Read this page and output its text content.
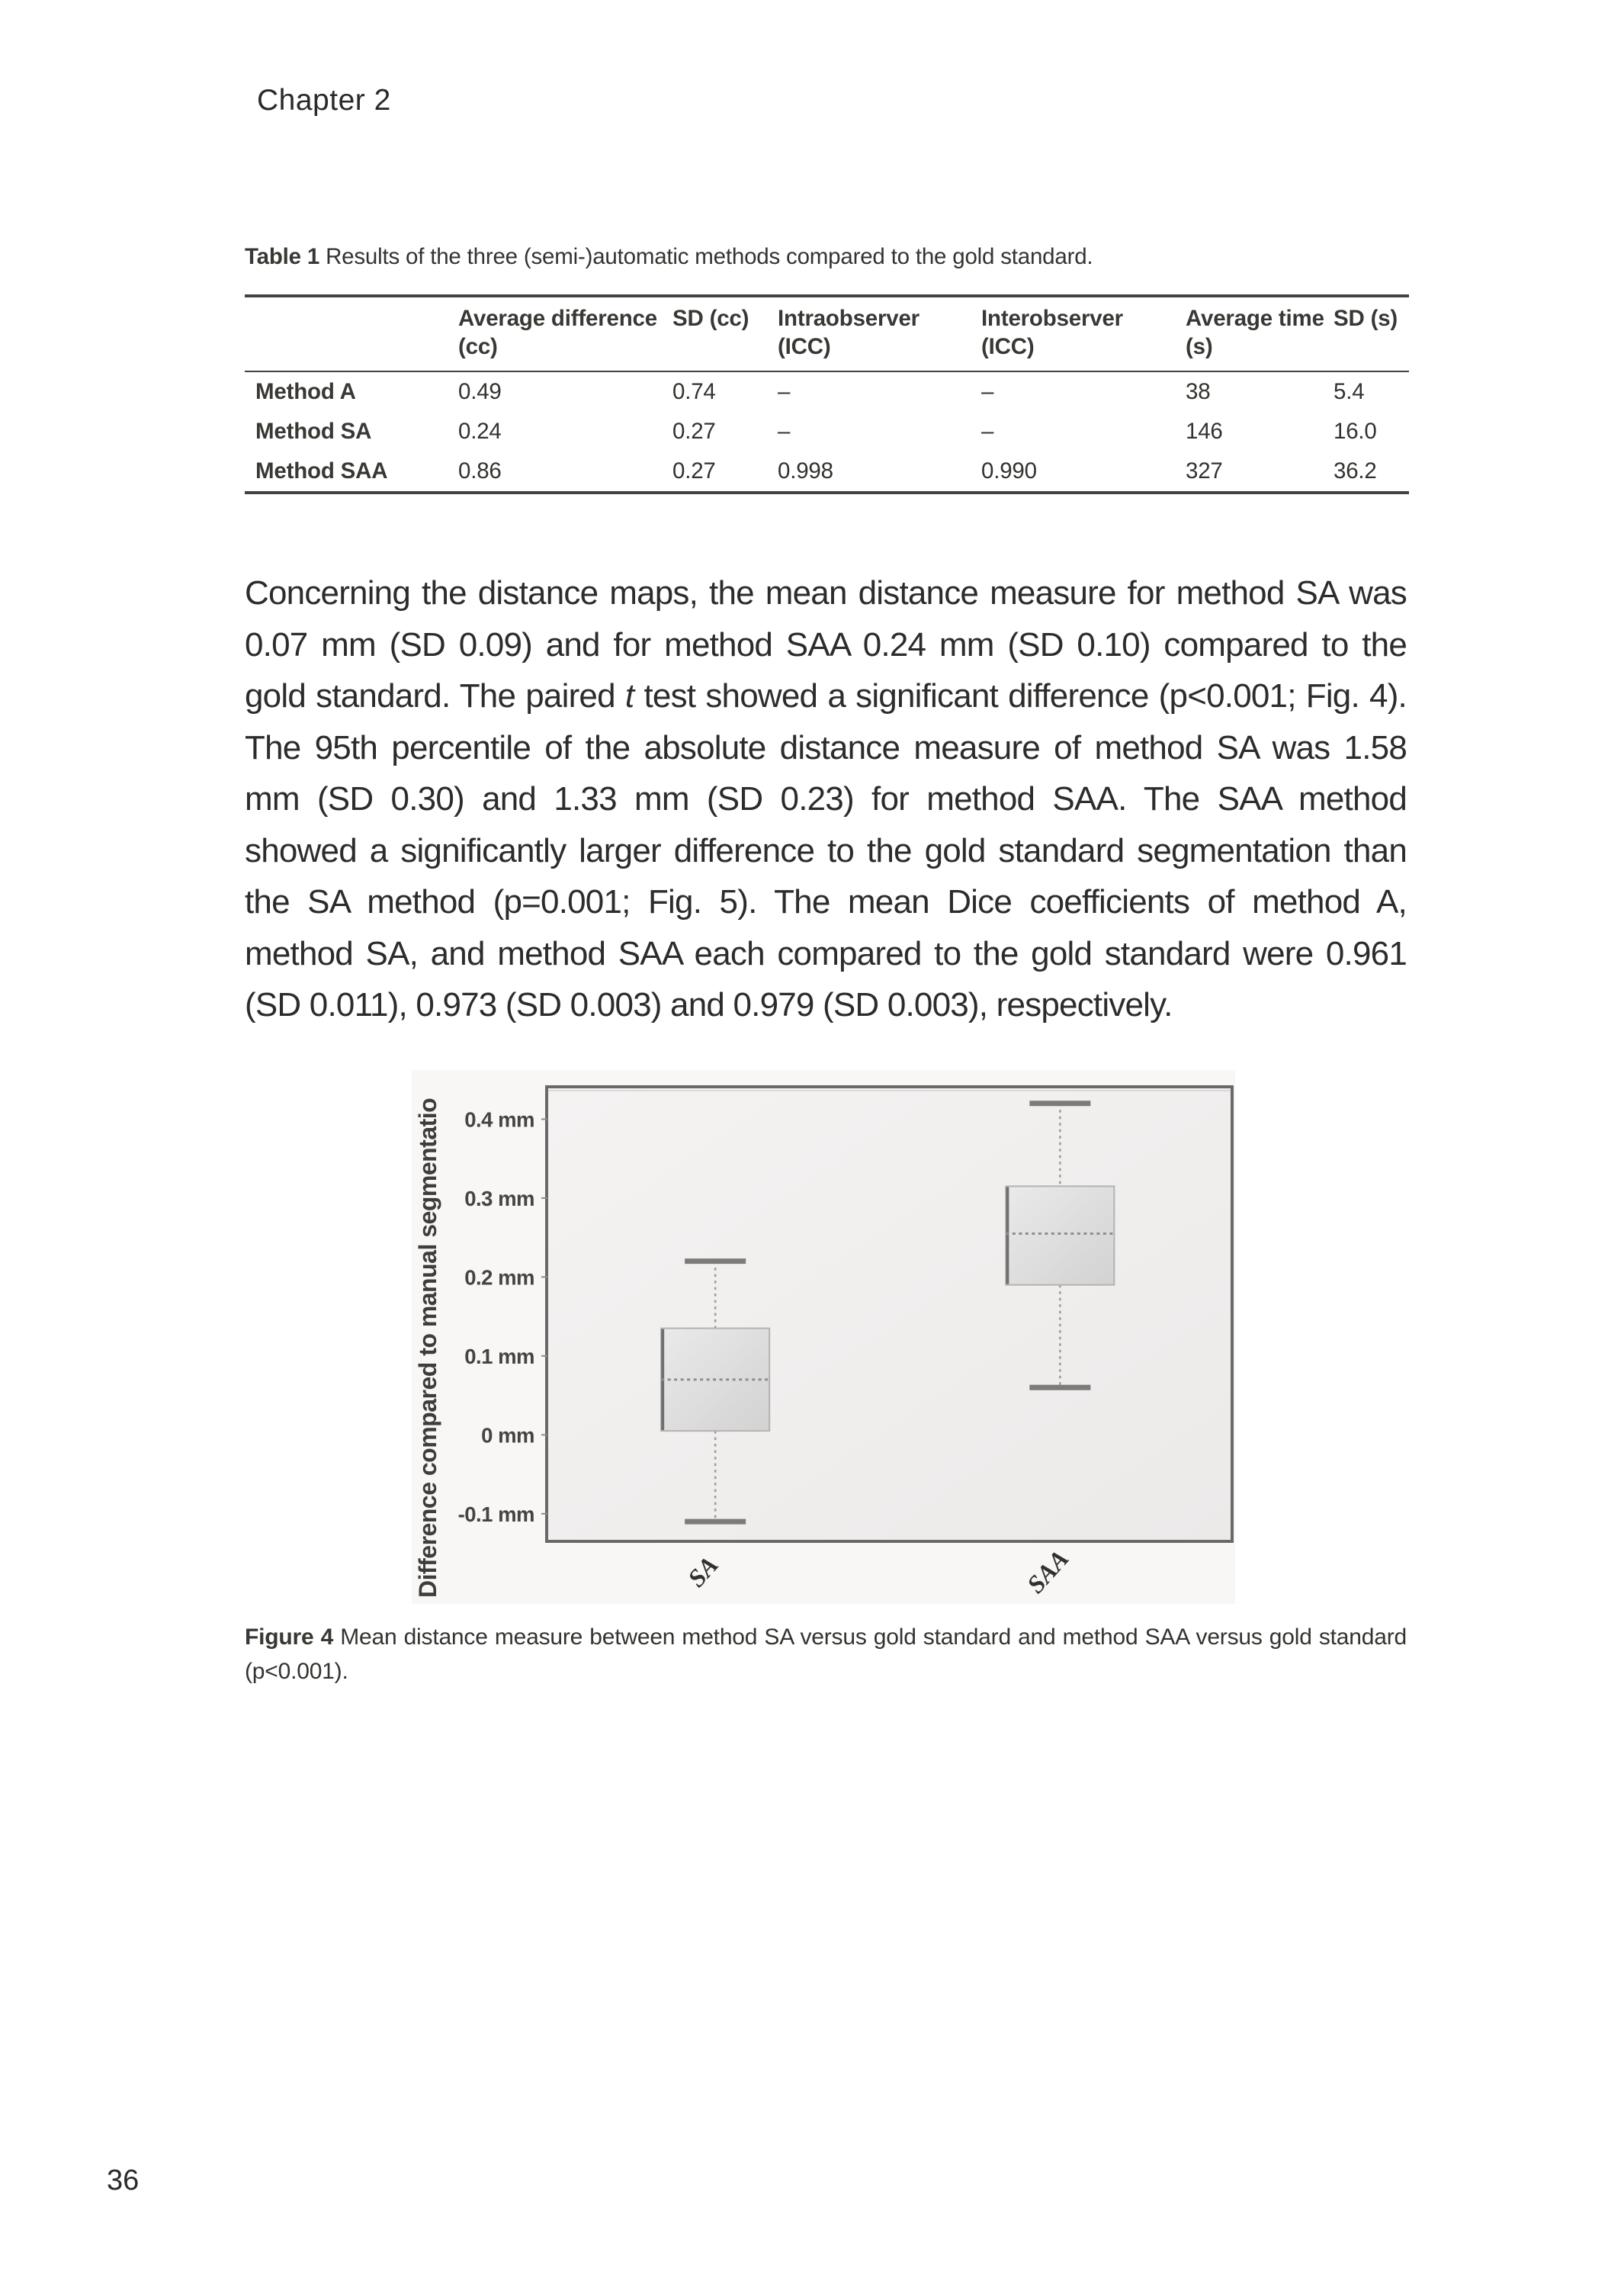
Chapter 2
Table 1 Results of the three (semi-)automatic methods compared to the gold standard.
	Average difference (cc)	SD (cc)	Intraobserver (ICC)	Interobserver (ICC)	Average time (s)	SD (s)
Method A	0.49	0.74	–	–	38	5.4
Method SA	0.24	0.27	–	–	146	16.0
Method SAA	0.86	0.27	0.998	0.990	327	36.2

Concerning the distance maps, the mean distance measure for method SA was 0.07 mm (SD 0.09) and for method SAA 0.24 mm (SD 0.10) compared to the gold standard. The paired t test showed a significant difference (p<0.001; Fig. 4). The 95th percentile of the absolute distance measure of method SA was 1.58 mm (SD 0.30) and 1.33 mm (SD 0.23) for method SAA. The SAA method showed a significantly larger difference to the gold standard segmentation than the SA method (p=0.001; Fig. 5). The mean Dice coefficients of method A, method SA, and method SAA each compared to the gold standard were 0.961 (SD 0.011), 0.973 (SD 0.003) and 0.979 (SD 0.003), respectively.

0.4 mm
0.3 mm
0.2 mm
0.1 mm
0 mm
-0.1 mm
Difference compared to manual segmentatio	SA	SAA
Figure 4 Mean distance measure between method SA versus gold standard and method SAA versus gold standard (p<0.001).
36
